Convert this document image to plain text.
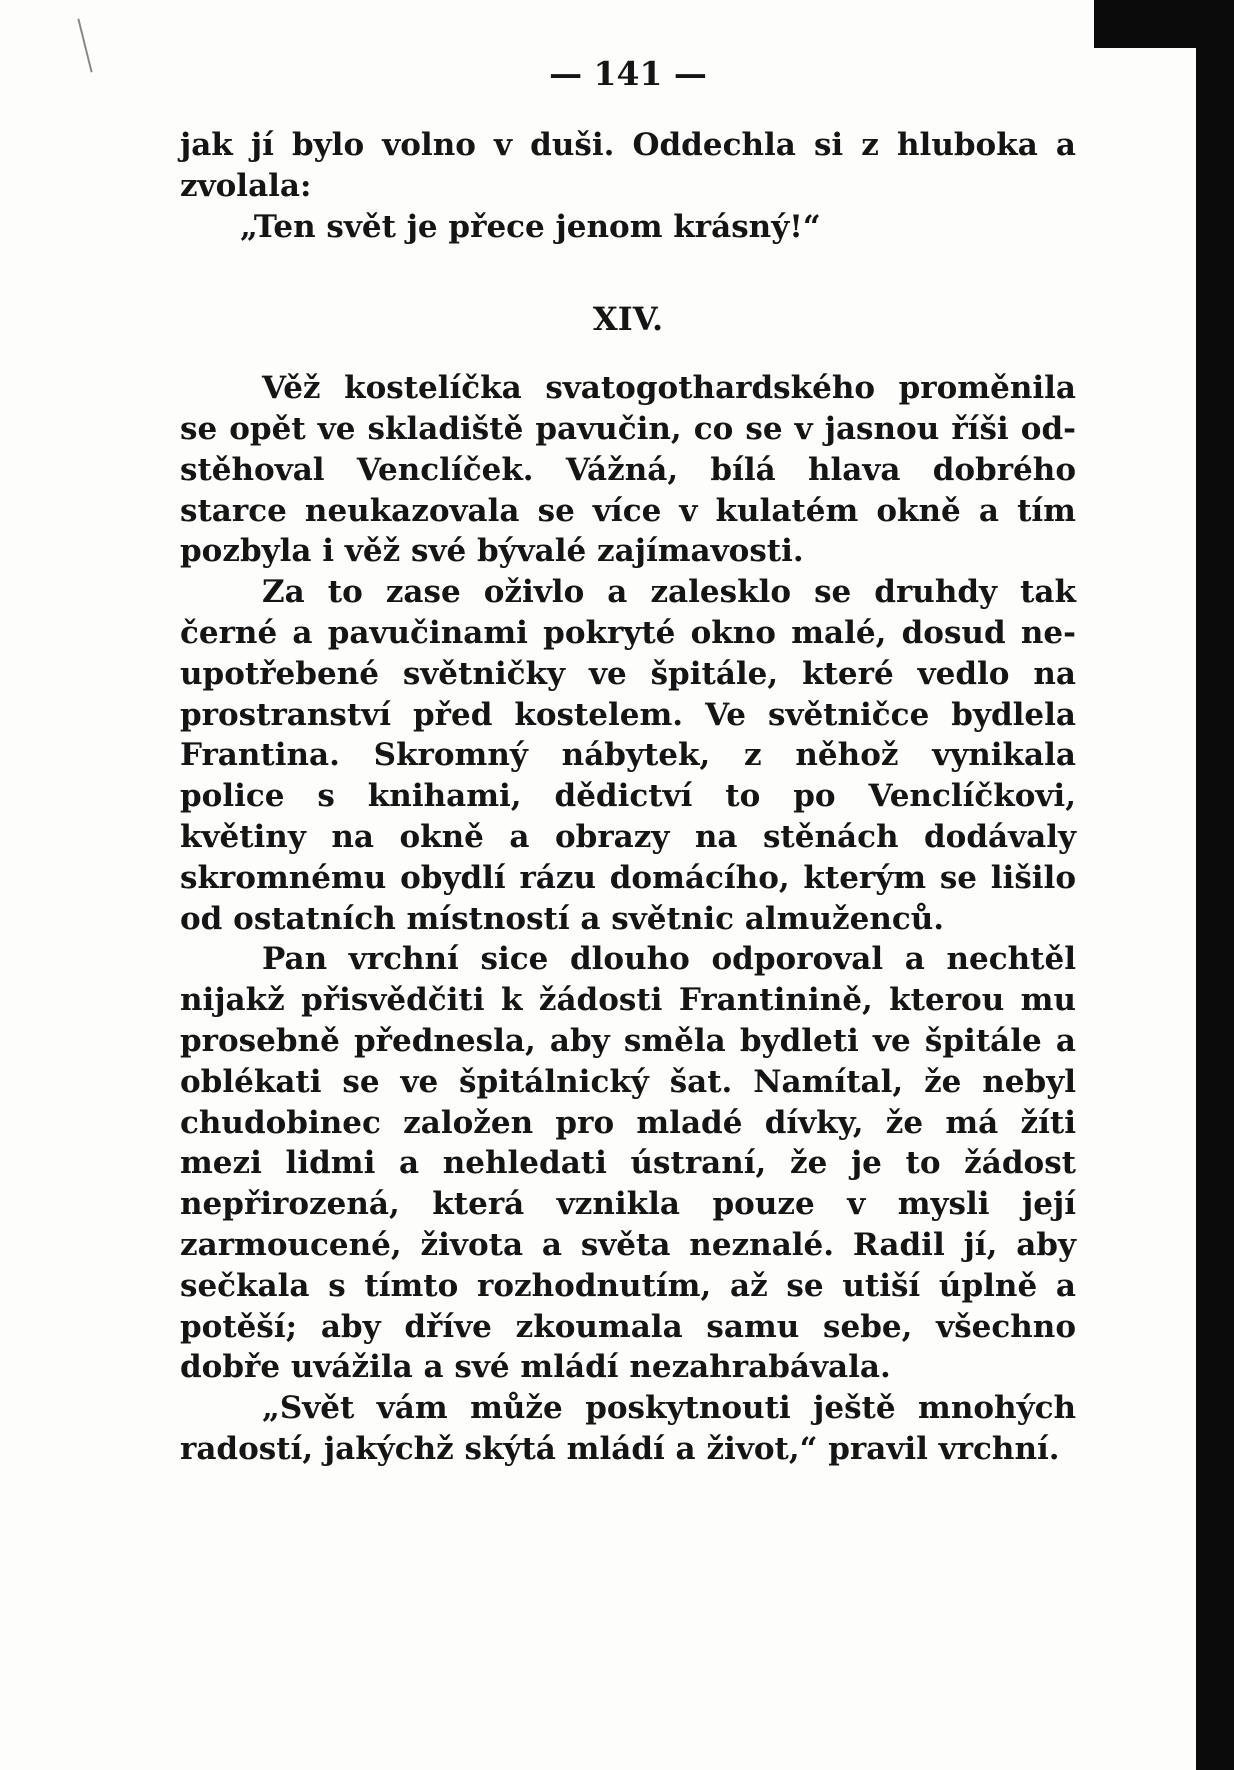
— 141 —

jak jí bylo volno v duši. Oddechla si z hluboka a zvolala:

„Ten svět je přece jenom krásný!“

XIV.

Věž kostelíčka svatogothardského proměnila se opět ve skladiště pavučin, co se v jasnou říši odstěhoval Venclíček. Vážná, bílá hlava dobrého starce neukazovala se více v kulatém okně a tím pozbyla i věž své bývalé zajímavosti.

Za to zase oživlo a zalesklo se druhdy tak černé a pavučinami pokryté okno malé, dosud neupotřebené světničky ve špitále, které vedlo na prostranství před kostelem. Ve světničce bydlela Frantina. Skromný nábytek, z něhož vynikala police s knihami, dědictví to po Venclíčkovi, květiny na okně a obrazy na stěnách dodávaly skromnému obydlí rázu domácího, kterým se lišilo od ostatních místností a světnic almuženců.

Pan vrchní sice dlouho odporoval a nechtěl nijakž přisvědčiti k žádosti Frantinině, kterou mu prosebně přednesla, aby směla bydleti ve špitále a oblékati se ve špitálnický šat. Namítal, že nebyl chudobinec založen pro mladé dívky, že má žíti mezi lidmi a nehledati ústraní, že je to žádost nepřirozená, která vznikla pouze v mysli její zarmoucené, života a světa neznalé. Radil jí, aby sečkala s tímto rozhodnutím, až se utiší úplně a potěší; aby dříve zkoumala samu sebe, všechno dobře uvážila a své mládí nezahrabávala.

„Svět vám může poskytnouti ještě mnohých radostí, jakýchž skýtá mládí a život,“ pravil vrchní.
